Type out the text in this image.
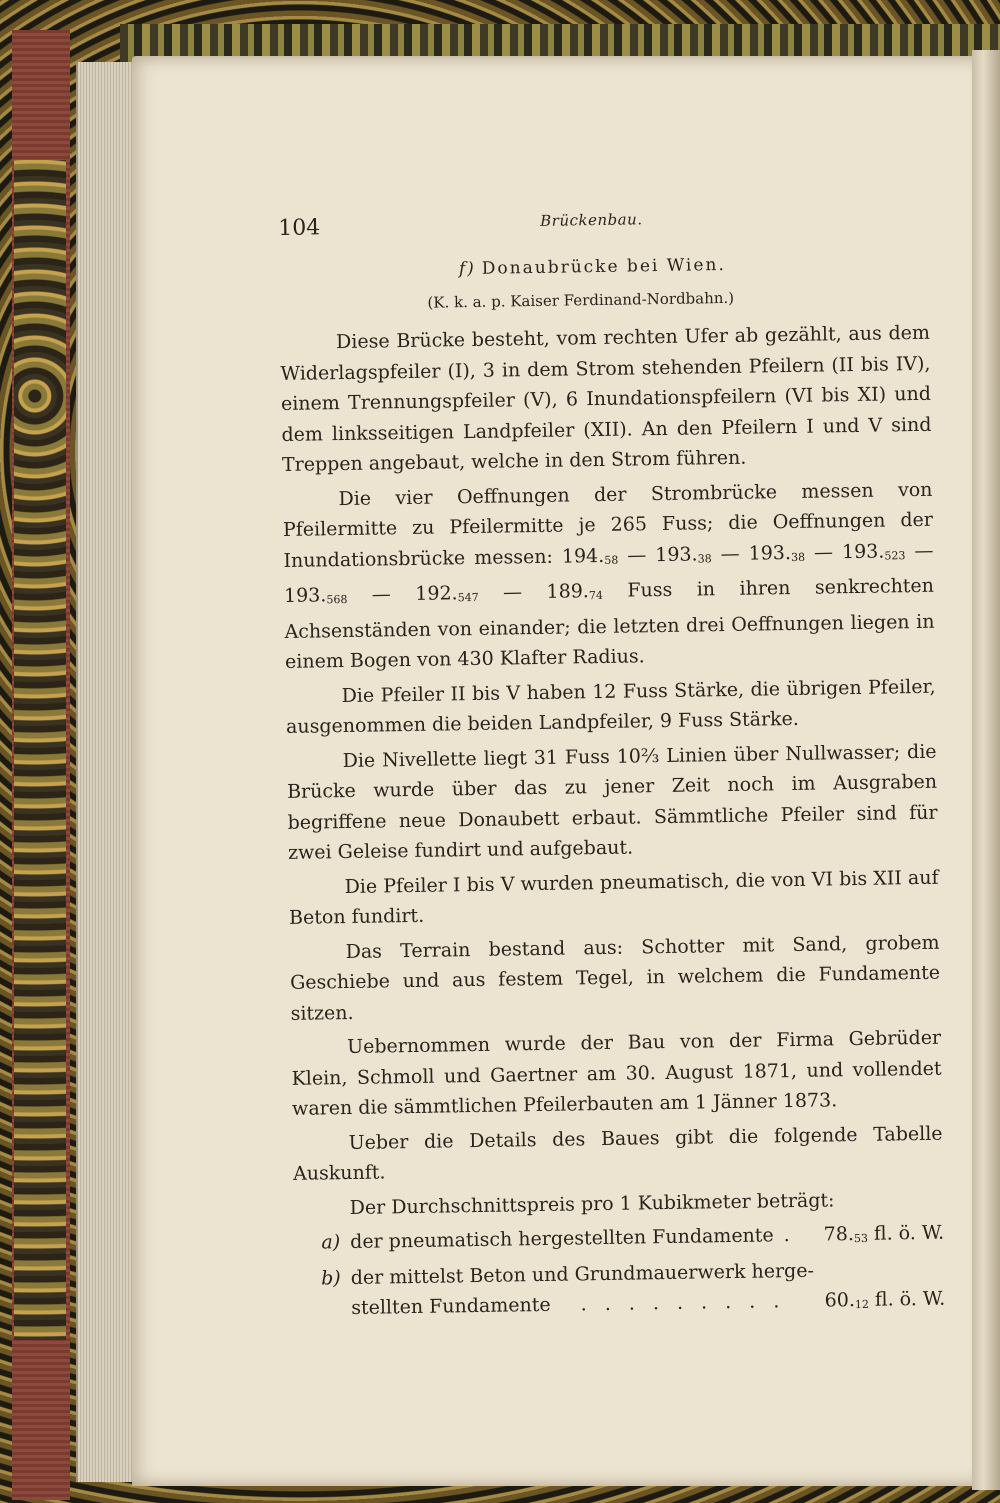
104	Brückenbau.
f) Donaubrücke bei Wien.
(K. k. a. p. Kaiser Ferdinand-Nordbahn.)

Diese Brücke besteht, vom rechten Ufer ab gezählt, aus dem Widerlagspfeiler (I), 3 in dem Strom stehenden Pfeilern (II bis IV), einem Trennungspfeiler (V), 6 Inundationspfeilern (VI bis XI) und dem linksseitigen Landpfeiler (XII). An den Pfeilern I und V sind Treppen angebaut, welche in den Strom führen.

Die vier Oeffnungen der Strombrücke messen von Pfeilermitte zu Pfeilermitte je 265 Fuss; die Oeffnungen der Inundationsbrücke messen: 194.58 — 193.38 — 193.38 — 193.523 — 193.568 — 192.547 — 189.74 Fuss in ihren senkrechten Achsenständen von einander; die letzten drei Oeffnungen liegen in einem Bogen von 430 Klafter Radius.

Die Pfeiler II bis V haben 12 Fuss Stärke, die übrigen Pfeiler, ausgenommen die beiden Landpfeiler, 9 Fuss Stärke.

Die Nivellette liegt 31 Fuss 10⅔ Linien über Nullwasser; die Brücke wurde über das zu jener Zeit noch im Ausgraben begriffene neue Donaubett erbaut. Sämmtliche Pfeiler sind für zwei Geleise fundirt und aufgebaut.

Die Pfeiler I bis V wurden pneumatisch, die von VI bis XII auf Beton fundirt.

Das Terrain bestand aus: Schotter mit Sand, grobem Geschiebe und aus festem Tegel, in welchem die Fundamente sitzen.

Uebernommen wurde der Bau von der Firma Gebrüder Klein, Schmoll und Gaertner am 30. August 1871, und vollendet waren die sämmtlichen Pfeilerbauten am 1 Jänner 1873.

Ueber die Details des Baues gibt die folgende Tabelle Auskunft.

Der Durchschnittspreis pro 1 Kubikmeter beträgt:

a) der pneumatisch hergestellten Fundamente . 78.53 fl. ö. W.
b) der mittelst Beton und Grundmauerwerk herge-
stellten Fundamente . . . . . . . . . 60.12 fl. ö. W.
